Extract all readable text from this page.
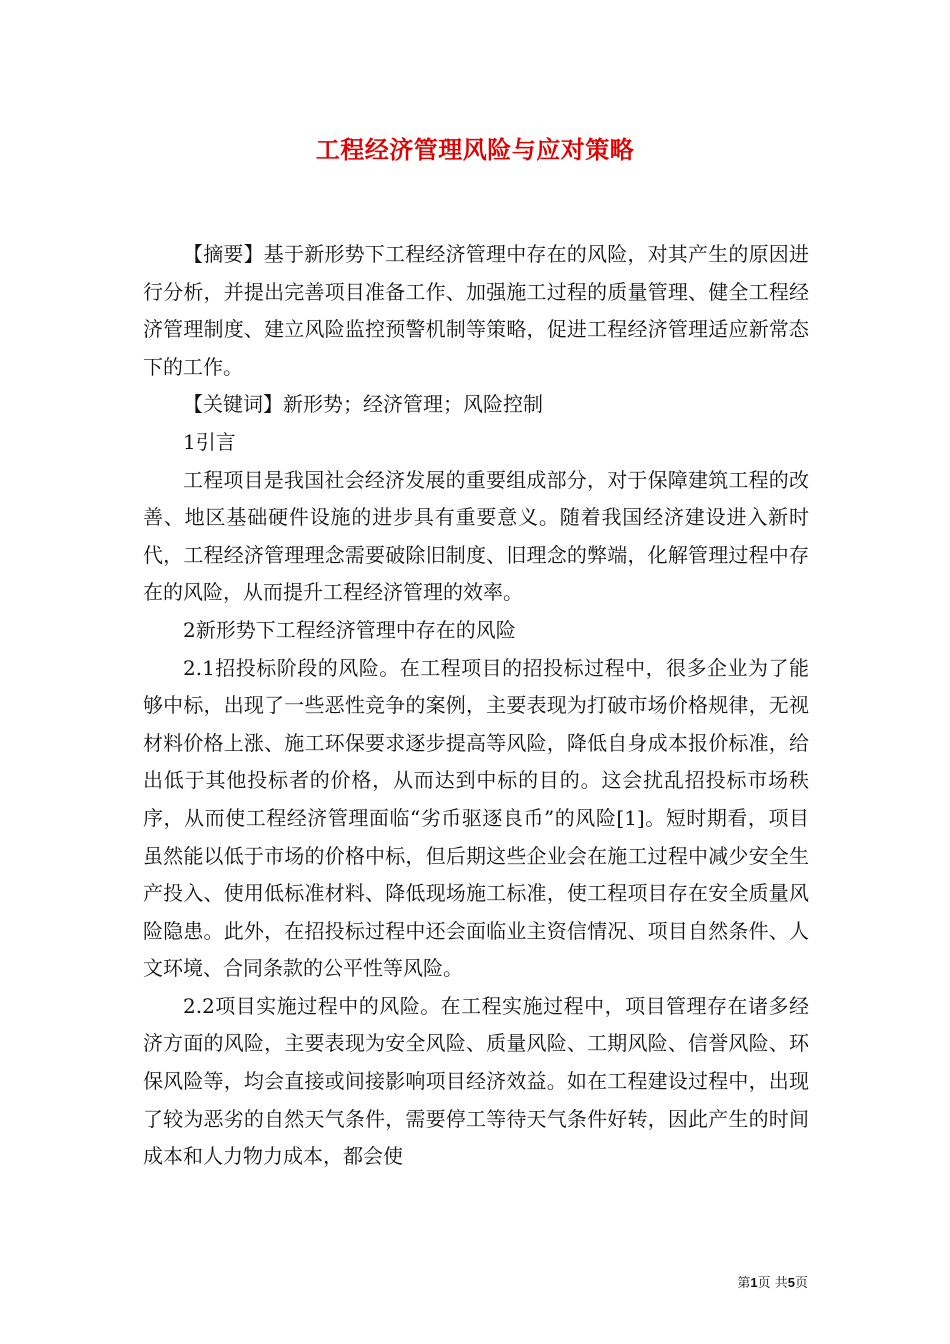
工程经济管理风险与应对策略

【摘要】基于新形势下工程经济管理中存在的风险，对其产生的原因进行分析，并提出完善项目准备工作、加强施工过程的质量管理、健全工程经济管理制度、建立风险监控预警机制等策略，促进工程经济管理适应新常态下的工作。

【关键词】新形势；经济管理；风险控制

1引言

工程项目是我国社会经济发展的重要组成部分，对于保障建筑工程的改善、地区基础硬件设施的进步具有重要意义。随着我国经济建设进入新时代，工程经济管理理念需要破除旧制度、旧理念的弊端，化解管理过程中存在的风险，从而提升工程经济管理的效率。

2新形势下工程经济管理中存在的风险

2.1招投标阶段的风险。在工程项目的招投标过程中，很多企业为了能够中标，出现了一些恶性竞争的案例，主要表现为打破市场价格规律，无视材料价格上涨、施工环保要求逐步提高等风险，降低自身成本报价标准，给出低于其他投标者的价格，从而达到中标的目的。这会扰乱招投标市场秩序，从而使工程经济管理面临“劣币驱逐良币”的风险[1]。短时期看，项目虽然能以低于市场的价格中标，但后期这些企业会在施工过程中减少安全生产投入、使用低标准材料、降低现场施工标准，使工程项目存在安全质量风险隐患。此外，在招投标过程中还会面临业主资信情况、项目自然条件、人文环境、合同条款的公平性等风险。

2.2项目实施过程中的风险。在工程实施过程中，项目管理存在诸多经济方面的风险，主要表现为安全风险、质量风险、工期风险、信誉风险、环保风险等，均会直接或间接影响项目经济效益。如在工程建设过程中，出现了较为恶劣的自然天气条件，需要停工等待天气条件好转，因此产生的时间成本和人力物力成本，都会使

第1页 共5页
